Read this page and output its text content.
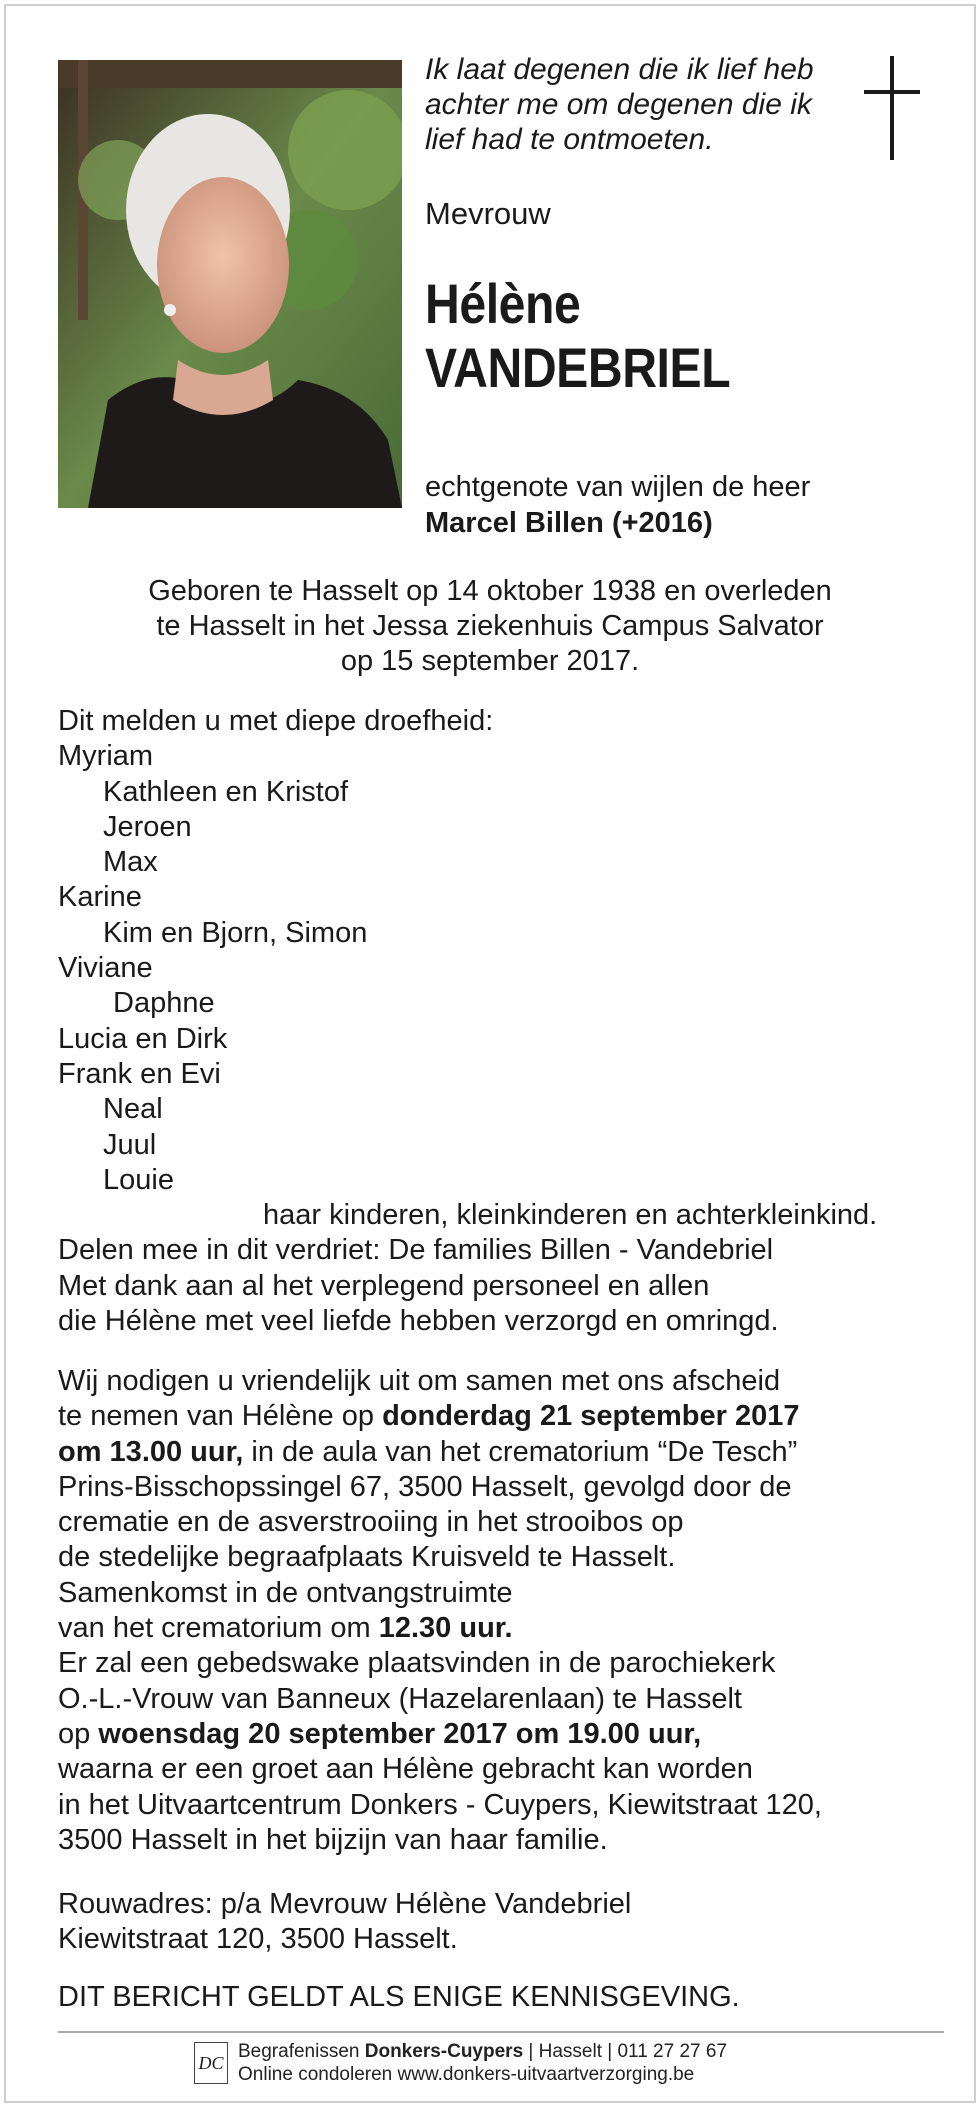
Ik laat degenen die ik lief heb
achter me om degenen die ik
lief had te ontmoeten.
Mevrouw
Hélène
VANDEBRIEL
echtgenote van wijlen de heer
Marcel Billen (+2016)
Geboren te Hasselt op 14 oktober 1938 en overleden
te Hasselt in het Jessa ziekenhuis Campus Salvator
op 15 september 2017.
Dit melden u met diepe droefheid:
Myriam
Kathleen en Kristof
Jeroen
Max
Karine
Kim en Bjorn, Simon
Viviane
Daphne
Lucia en Dirk
Frank en Evi
Neal
Juul
Louie
haar kinderen, kleinkinderen en achterkleinkind.
Delen mee in dit verdriet: De families Billen - Vandebriel
Met dank aan al het verplegend personeel en allen
die Hélène met veel liefde hebben verzorgd en omringd.
Wij nodigen u vriendelijk uit om samen met ons afscheid
te nemen van Hélène op donderdag 21 september 2017
om 13.00 uur, in de aula van het crematorium “De Tesch”
Prins-Bisschopssingel 67, 3500 Hasselt, gevolgd door de
crematie en de asverstrooiing in het strooibos op
de stedelijke begraafplaats Kruisveld te Hasselt.
Samenkomst in de ontvangstruimte
van het crematorium om 12.30 uur.
Er zal een gebedswake plaatsvinden in de parochiekerk
O.-L.-Vrouw van Banneux (Hazelarenlaan) te Hasselt
op woensdag 20 september 2017 om 19.00 uur,
waarna er een groet aan Hélène gebracht kan worden
in het Uitvaartcentrum Donkers - Cuypers, Kiewitstraat 120,
3500 Hasselt in het bijzijn van haar familie.
Rouwadres: p/a Mevrouw Hélène Vandebriel
Kiewitstraat 120, 3500 Hasselt.
DIT BERICHT GELDT ALS ENIGE KENNISGEVING.
DC
Begrafenissen Donkers-Cuypers | Hasselt | 011 27 27 67
Online condoleren www.donkers-uitvaartverzorging.be
